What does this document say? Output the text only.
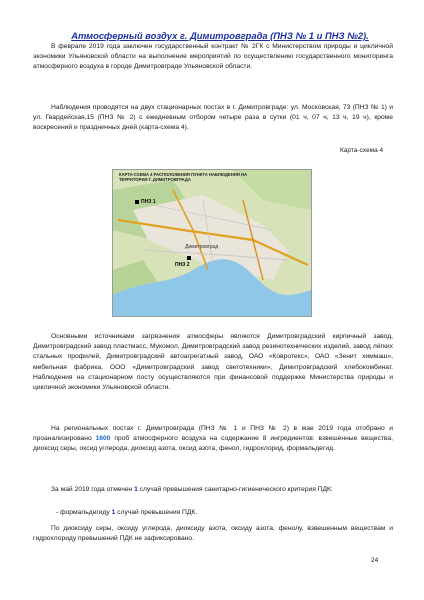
Атмосферный воздух г. Димитровграда (ПНЗ № 1 и ПНЗ №2).

В феврале 2019 года заключен государственный контракт № 2ГК с Министерством природы и цикличной экономики Ульяновской области на выполнение мероприятий по осуществлению государственного мониторинга атмосферного воздуха в городе Димитровграде Ульяновской области.

Наблюдения проводятся на двух стационарных постах в г. Димитровграде: ул. Московская, 73 (ПНЗ № 1) и ул. Гвардейская,15 (ПНЗ № 2) с ежедневным отбором четыре раза в сутки (01 ч, 07 ч, 13 ч, 19 ч), кроме воскресений и праздничных дней (карта-схема 4).

Карта-схема 4
КАРТА-СХЕМА 4 РАСПОЛОЖЕНИЯ ПУНКТА НАБЛЮДЕНИЯ НА ТЕРРИТОРИИ Г. ДИМИТРОВГРАДА
ПНЗ 1
ПНЗ 2
Димитровград

Основными источниками загрязнения атмосферы являются Димитровградский кирпичный завод, Димитровградский завод пластмасс, Мукомол, Димитровградский завод резинотехнических изделий, завод лёгких стальных профилей, Димитровградский автоагрегатный завод, ОАО «Ковротекс», ОАО «Зенит химмаш», мебельная фабрика, ООО «Димитровградский завод светотехники», Димитровградский хлебокомбинат. Наблюдения на стационарном посту осуществляются при финансовой поддержке Министерства природы и цикличной экономики Ульяновской области.

На региональных постах г. Димитровграда (ПНЗ № 1 и ПНЗ № 2) в мае 2019 года отобрано и проанализировано 1600 проб атмосферного воздуха на содержание 8 ингредиентов: взвешенные вещества, диоксид серы, оксид углерода, диоксид азота, оксид азота, фенол, гидрохлорид, формальдегид.

За май 2019 года отмечен 1 случай превышения санитарно-гигиенического критерия ПДК:

- формальдегиду 1 случай превышения ПДК.

По диоксиду серы, оксиду углерода, диоксиду азота, оксиду азота, фенолу, взвешенным веществам и гидрохлориду превышений ПДК не зафиксировано.

24
